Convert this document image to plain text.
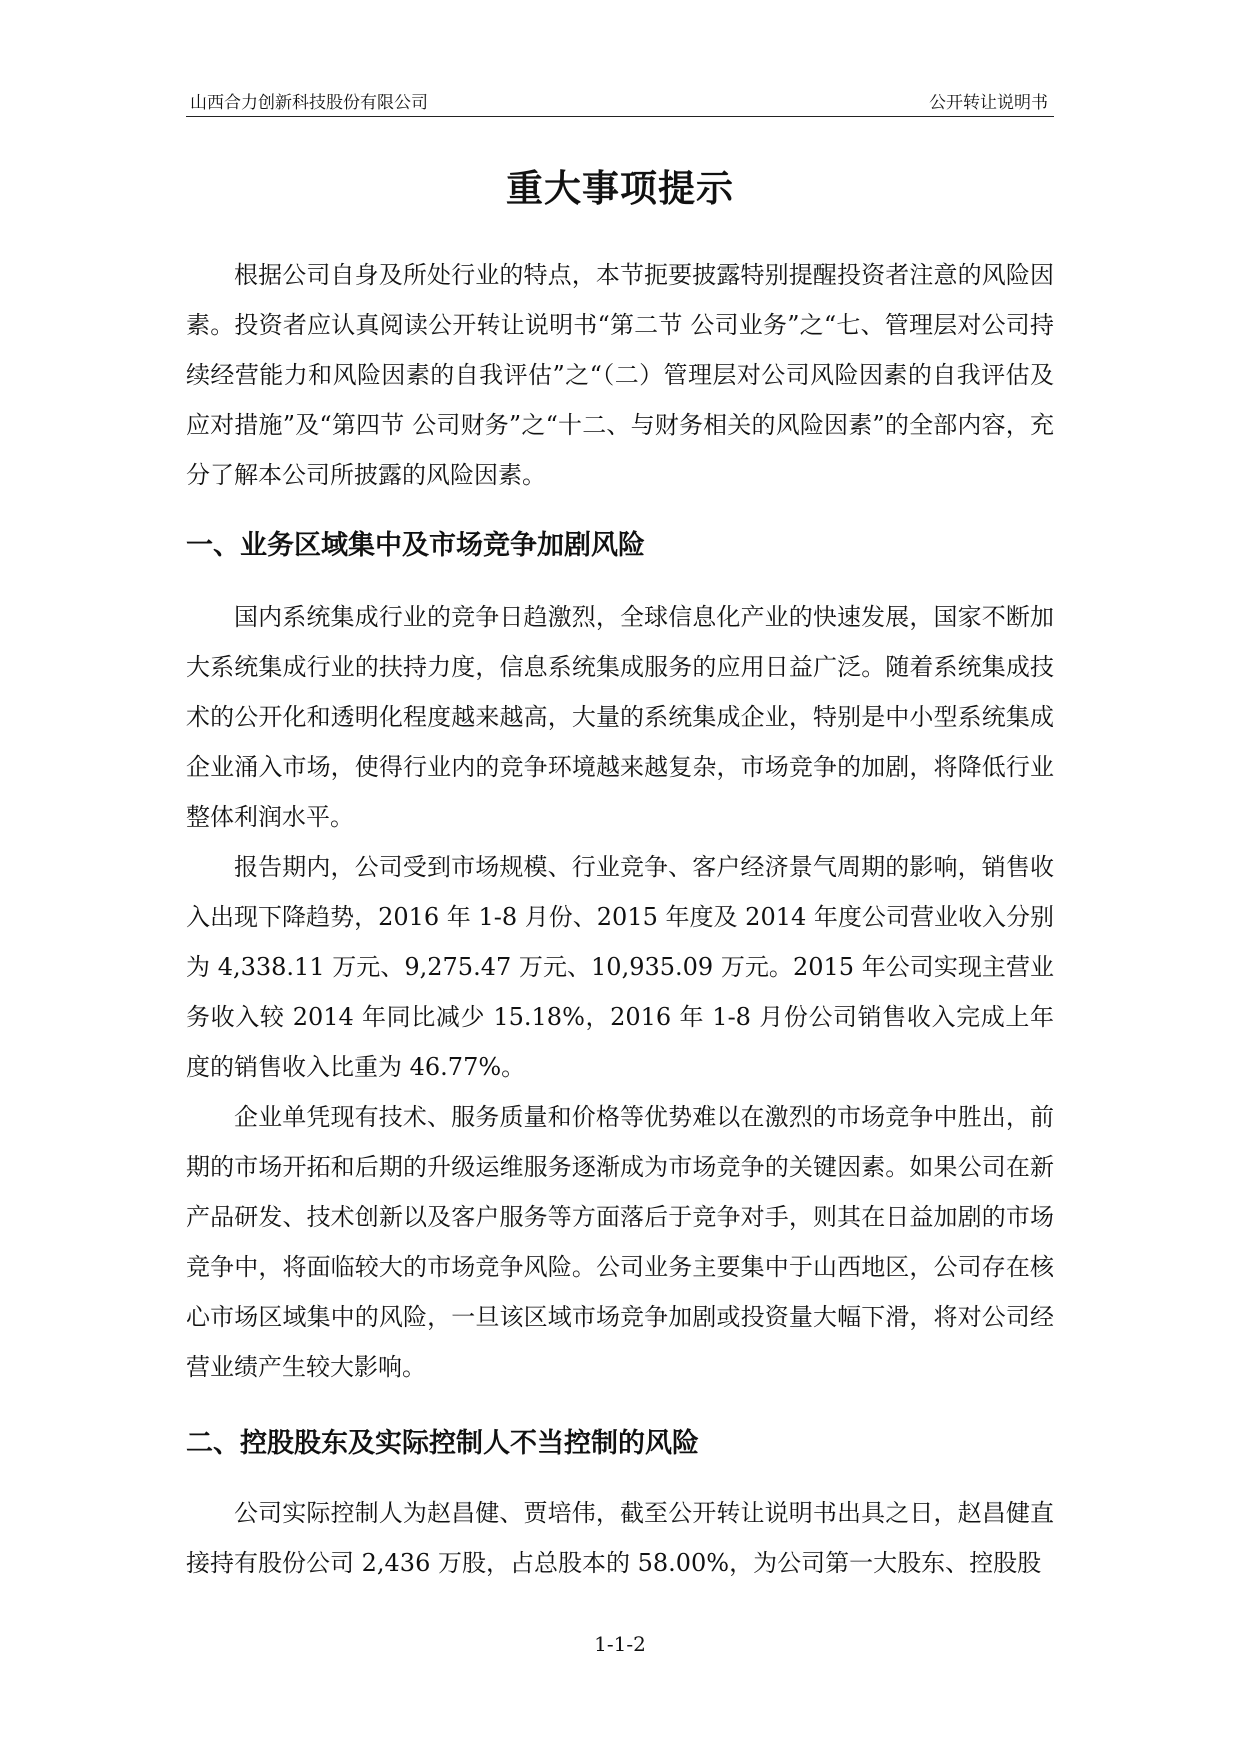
山西合力创新科技股份有限公司	公开转让说明书
重大事项提示

根据公司自身及所处行业的特点，本节扼要披露特别提醒投资者注意的风险因素。投资者应认真阅读公开转让说明书“第二节 公司业务”之“七、管理层对公司持续经营能力和风险因素的自我评估”之“（二）管理层对公司风险因素的自我评估及应对措施”及“第四节 公司财务”之“十二、与财务相关的风险因素”的全部内容，充分了解本公司所披露的风险因素。

一、业务区域集中及市场竞争加剧风险

国内系统集成行业的竞争日趋激烈，全球信息化产业的快速发展，国家不断加大系统集成行业的扶持力度，信息系统集成服务的应用日益广泛。随着系统集成技术的公开化和透明化程度越来越高，大量的系统集成企业，特别是中小型系统集成企业涌入市场，使得行业内的竞争环境越来越复杂，市场竞争的加剧，将降低行业整体利润水平。

报告期内，公司受到市场规模、行业竞争、客户经济景气周期的影响，销售收入出现下降趋势，2016 年 1-8 月份、2015 年度及 2014 年度公司营业收入分别为 4,338.11 万元、9,275.47 万元、10,935.09 万元。2015 年公司实现主营业务收入较 2014 年同比减少 15.18%，2016 年 1-8 月份公司销售收入完成上年度的销售收入比重为 46.77%。

企业单凭现有技术、服务质量和价格等优势难以在激烈的市场竞争中胜出，前期的市场开拓和后期的升级运维服务逐渐成为市场竞争的关键因素。如果公司在新产品研发、技术创新以及客户服务等方面落后于竞争对手，则其在日益加剧的市场竞争中，将面临较大的市场竞争风险。公司业务主要集中于山西地区，公司存在核心市场区域集中的风险，一旦该区域市场竞争加剧或投资量大幅下滑，将对公司经营业绩产生较大影响。

二、控股股东及实际控制人不当控制的风险

公司实际控制人为赵昌健、贾培伟，截至公开转让说明书出具之日，赵昌健直接持有股份公司 2,436 万股，占总股本的 58.00%，为公司第一大股东、控股股

1-1-2
